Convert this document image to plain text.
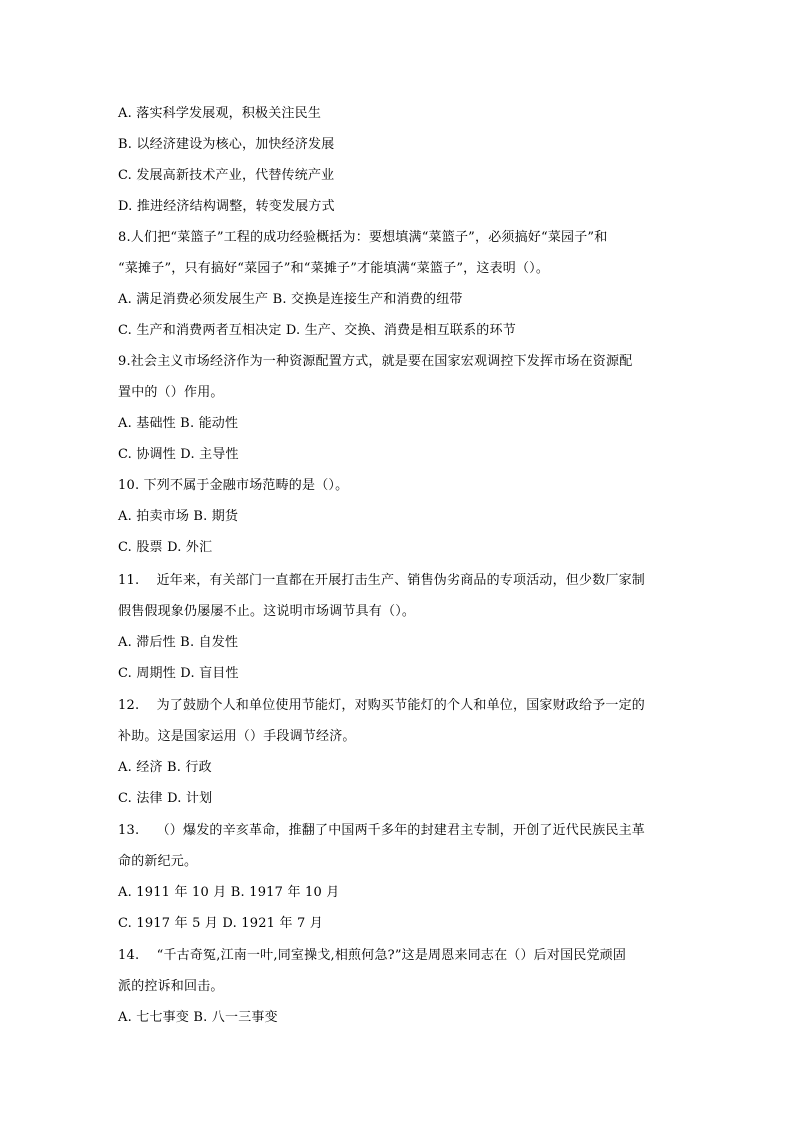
A. 落实科学发展观，积极关注民生
B. 以经济建设为核心，加快经济发展
C. 发展高新技术产业，代替传统产业
D. 推进经济结构调整，转变发展方式
8.人们把“菜篮子”工程的成功经验概括为：要想填满“菜篮子”，必须搞好“菜园子”和
“菜摊子”，只有搞好“菜园子”和“菜摊子”才能填满“菜篮子”，这表明（）。
A. 满足消费必须发展生产 B. 交换是连接生产和消费的纽带
C. 生产和消费两者互相决定 D. 生产、交换、消费是相互联系的环节
9.社会主义市场经济作为一种资源配置方式，就是要在国家宏观调控下发挥市场在资源配
置中的（）作用。
A. 基础性 B. 能动性
C. 协调性 D. 主导性
10. 下列不属于金融市场范畴的是（）。
A. 拍卖市场 B. 期货
C. 股票 D. 外汇
11.    近年来，有关部门一直都在开展打击生产、销售伪劣商品的专项活动，但少数厂家制
假售假现象仍屡屡不止。这说明市场调节具有（）。
A. 滞后性 B. 自发性
C. 周期性 D. 盲目性
12.    为了鼓励个人和单位使用节能灯，对购买节能灯的个人和单位，国家财政给予一定的
补助。这是国家运用（）手段调节经济。
A. 经济 B. 行政
C. 法律 D. 计划
13.    （）爆发的辛亥革命，推翻了中国两千多年的封建君主专制，开创了近代民族民主革
命的新纪元。
A. 1911 年 10 月 B. 1917 年 10 月
C. 1917 年 5 月 D. 1921 年 7 月
14.    “千古奇冤,江南一叶,同室操戈,相煎何急?”这是周恩来同志在（）后对国民党顽固
派的控诉和回击。
A. 七七事变 B. 八一三事变
